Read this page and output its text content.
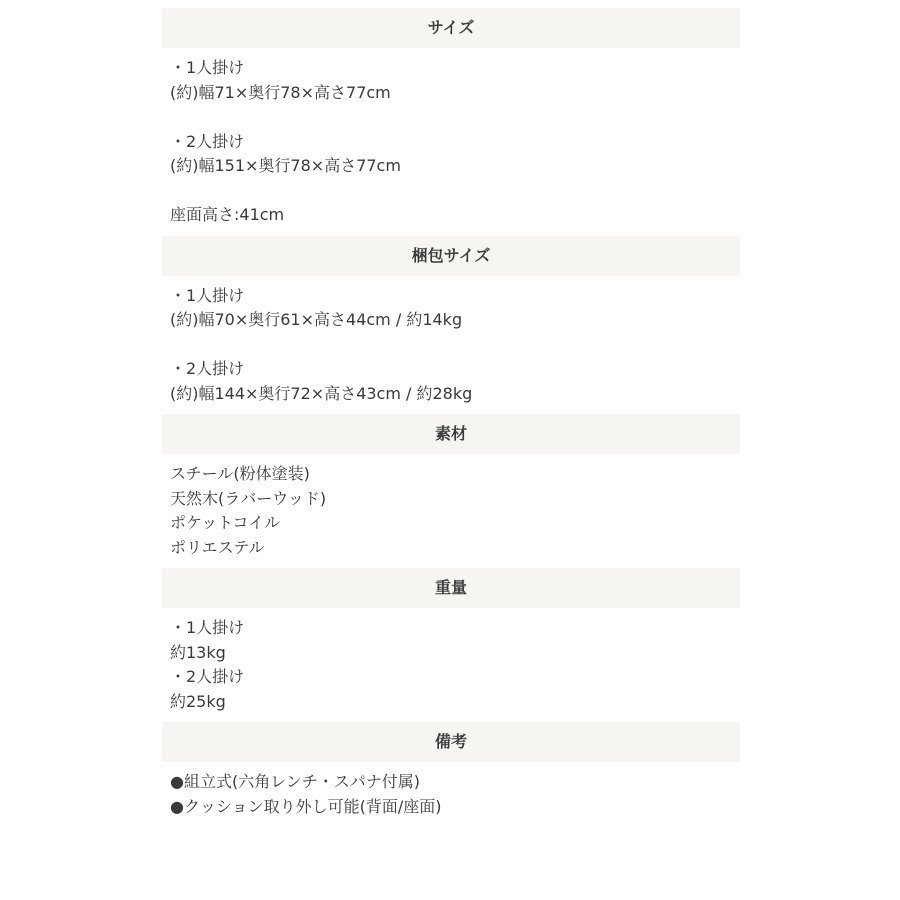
サイズ
・1人掛け
(約)幅71×奥行78×高さ77cm
・2人掛け
(約)幅151×奥行78×高さ77cm
座面高さ:41cm
梱包サイズ
・1人掛け
(約)幅70×奥行61×高さ44cm / 約14kg
・2人掛け
(約)幅144×奥行72×高さ43cm / 約28kg
素材
スチール(粉体塗装)
天然木(ラバーウッド)
ポケットコイル
ポリエステル
重量
・1人掛け
約13kg
・2人掛け
約25kg
備考
●組立式(六角レンチ・スパナ付属)
●クッション取り外し可能(背面/座面)
